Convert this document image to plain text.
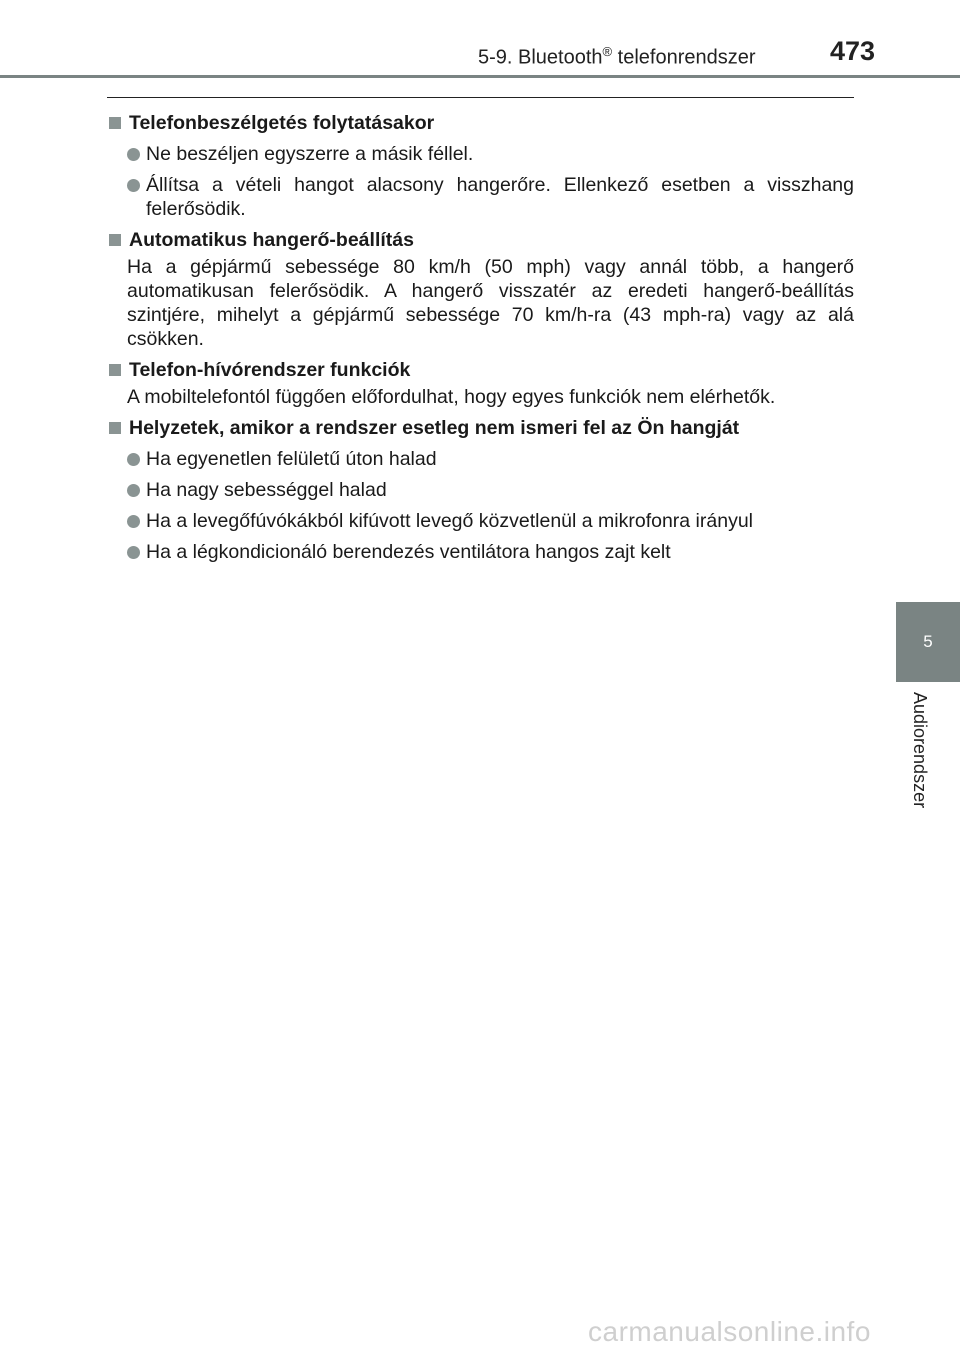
5-9. Bluetooth® telefonrendszer	473
Telefonbeszélgetés folytatásakor
Ne beszéljen egyszerre a másik féllel.
Állítsa a vételi hangot alacsony hangerőre. Ellenkező esetben a visszhang felerősödik.
Automatikus hangerő-beállítás
Ha a gépjármű sebessége 80 km/h (50 mph) vagy annál több, a hangerő automatikusan felerősödik. A hangerő visszatér az eredeti hangerő-beállítás szintjére, mihelyt a gépjármű sebessége 70 km/h-ra (43 mph-ra) vagy az alá csökken.
Telefon-hívórendszer funkciók
A mobiltelefontól függően előfordulhat, hogy egyes funkciók nem elérhetők.
Helyzetek, amikor a rendszer esetleg nem ismeri fel az Ön hangját
Ha egyenetlen felületű úton halad
Ha nagy sebességgel halad
Ha a levegőfúvókákból kifúvott levegő közvetlenül a mikrofonra irányul
Ha a légkondicionáló berendezés ventilátora hangos zajt kelt
5
Audiorendszer
carmanualsonline.info
